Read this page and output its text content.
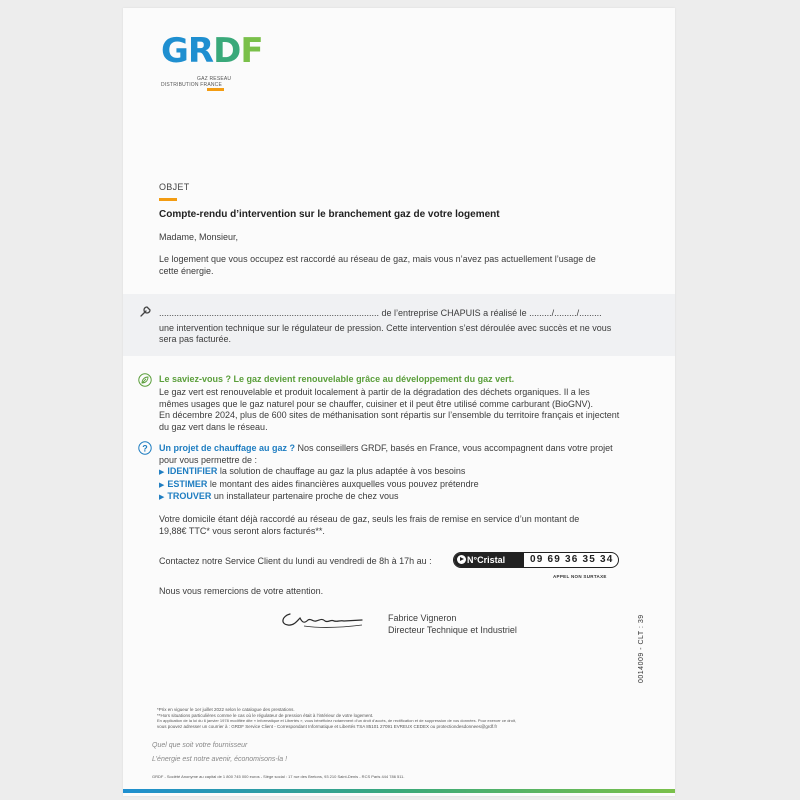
GRDF
GAZ RESEAU
DISTRIBUTION FRANCE
OBJET
Compte-rendu d’intervention sur le branchement gaz de votre logement
Madame, Monsieur,
Le logement que vous occupez est raccordé au réseau de gaz, mais vous n’avez pas actuellement l’usage de
cette énergie.
........................................................................................ de l’entreprise CHAPUIS a réalisé le ........./........./.........
une intervention technique sur le régulateur de pression. Cette intervention s’est déroulée avec succès et ne vous
sera pas facturée.
Le saviez-vous ? Le gaz devient renouvelable grâce au développement du gaz vert.
Le gaz vert est renouvelable et produit localement à partir de la dégradation des déchets organiques. Il a les
mêmes usages que le gaz naturel pour se chauffer, cuisiner et il peut être utilisé comme carburant (BioGNV).
En décembre 2024, plus de 600 sites de méthanisation sont répartis sur l’ensemble du territoire français et injectent
du gaz vert dans le réseau.
? Un projet de chauffage au gaz ? Nos conseillers GRDF, basés en France, vous accompagnent dans votre projet
pour vous permettre de :
▶ IDENTIFIER la solution de chauffage au gaz la plus adaptée à vos besoins
▶ ESTIMER le montant des aides financières auxquelles vous pouvez prétendre
▶ TROUVER un installateur partenaire proche de chez vous
Votre domicile étant déjà raccordé au réseau de gaz, seuls les frais de remise en service d’un montant de
19,88€ TTC* vous seront alors facturés**.
Contactez notre Service Client du lundi au vendredi de 8h à 17h au :	N°Cristal	09 69 36 35 34
APPEL NON SURTAXE
Nous vous remercions de votre attention.
Fabrice Vigneron
Directeur Technique et Industriel
*Prix en vigueur le 1er juillet 2022 selon le catalogue des prestations.
**Hors situations particulières comme le cas où le régulateur de pression était à l’intérieur de votre logement.
En application de la loi du 6 janvier 1978 modifiée dite « Informatique et Libertés », vous bénéficiez notamment d’un droit d’accès, de rectification et de suppression de vos données. Pour exercer ce droit,
vous pouvez adresser un courrier à : GRDF Service Client - Correspondant Informatique et Libertés TSA 85101 27091 EVREUX CEDEX ou protectiondesdonnees@grdf.fr
Quel que soit votre fournisseur
L’énergie est notre avenir, économisons-la !
GRDF - Société Anonyme au capital de 1 800 745 000 euros - Siège social : 17 rue des Bretons, 93 210 Saint-Denis - RCS Paris 444 786 511.
0014009 - CLT : 39
